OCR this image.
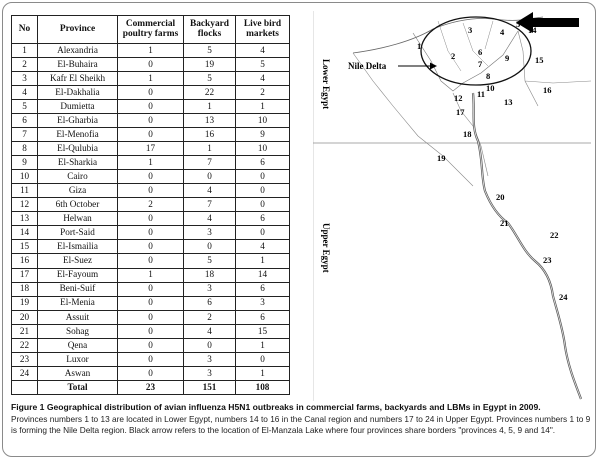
No	Province	Commercial poultry farms	Backyard flocks	Live bird markets
1	Alexandria	1	5	4
2	El-Buhaira	0	19	5
3	Kafr El Sheikh	1	5	4
4	El-Dakhalia	0	22	2
5	Dumietta	0	1	1
6	El-Gharbia	0	13	10
7	El-Menofia	0	16	9
8	El-Qulubia	17	1	10
9	El-Sharkia	1	7	6
10	Cairo	0	0	0
11	Giza	0	4	0
12	6th October	2	7	0
13	Helwan	0	4	6
14	Port-Said	0	3	0
15	El-Ismailia	0	0	4
16	El-Suez	0	5	1
17	El-Fayoum	1	18	14
18	Beni-Suif	0	3	6
19	El-Menia	0	6	3
20	Assuit	0	2	6
21	Sohag	0	4	15
22	Qena	0	0	1
23	Luxor	0	3	0
24	Aswan	0	3	1
	Total	23	151	108
Nile Delta
Lower Egypt
Upper Egypt
1
2
3	4
5
6
7
8
9
10
11
12	13
14
15
16
17
18
19
20
21
22
23
24
Figure 1 Geographical distribution of avian influenza H5N1 outbreaks in commercial farms, backyards and LBMs in Egypt in 2009.
Provinces numbers 1 to 13 are located in Lower Egypt, numbers 14 to 16 in the Canal region and numbers 17 to 24 in Upper Egypt. Provinces numbers 1 to 9 is forming the Nile Delta region. Black arrow refers to the location of El-Manzala Lake where four provinces share borders "provinces 4, 5, 9 and 14".
